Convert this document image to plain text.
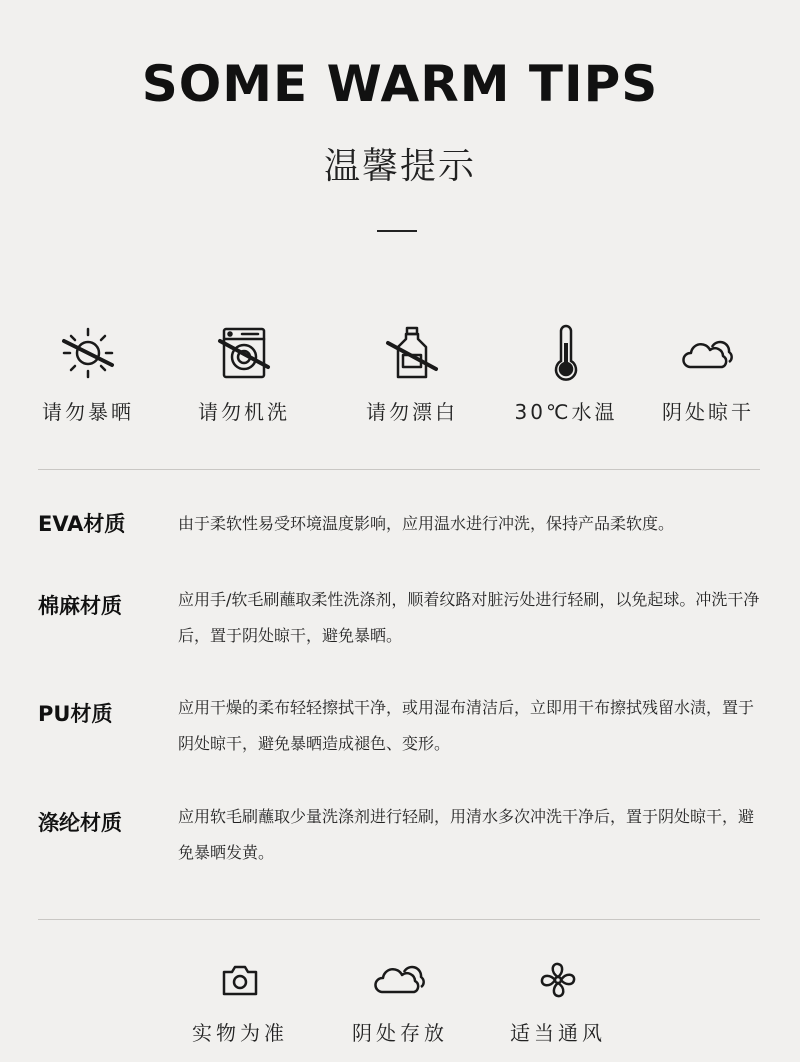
SOME WARM TIPS
温馨提示
请勿暴晒	请勿机洗	请勿漂白	30℃水温	阴处晾干
EVA材质	由于柔软性易受环境温度影响，应用温水进行冲洗，保持产品柔软度。
棉麻材质	应用手/软毛刷蘸取柔性洗涤剂，顺着纹路对脏污处进行轻刷，以免起球。冲洗干净后，置于阴处晾干，避免暴晒。
PU材质	应用干燥的柔布轻轻擦拭干净，或用湿布清洁后，立即用干布擦拭残留水渍，置于阴处晾干，避免暴晒造成褪色、变形。
涤纶材质	应用软毛刷蘸取少量洗涤剂进行轻刷，用清水多次冲洗干净后，置于阴处晾干，避免暴晒发黄。
实物为准	阴处存放	适当通风
